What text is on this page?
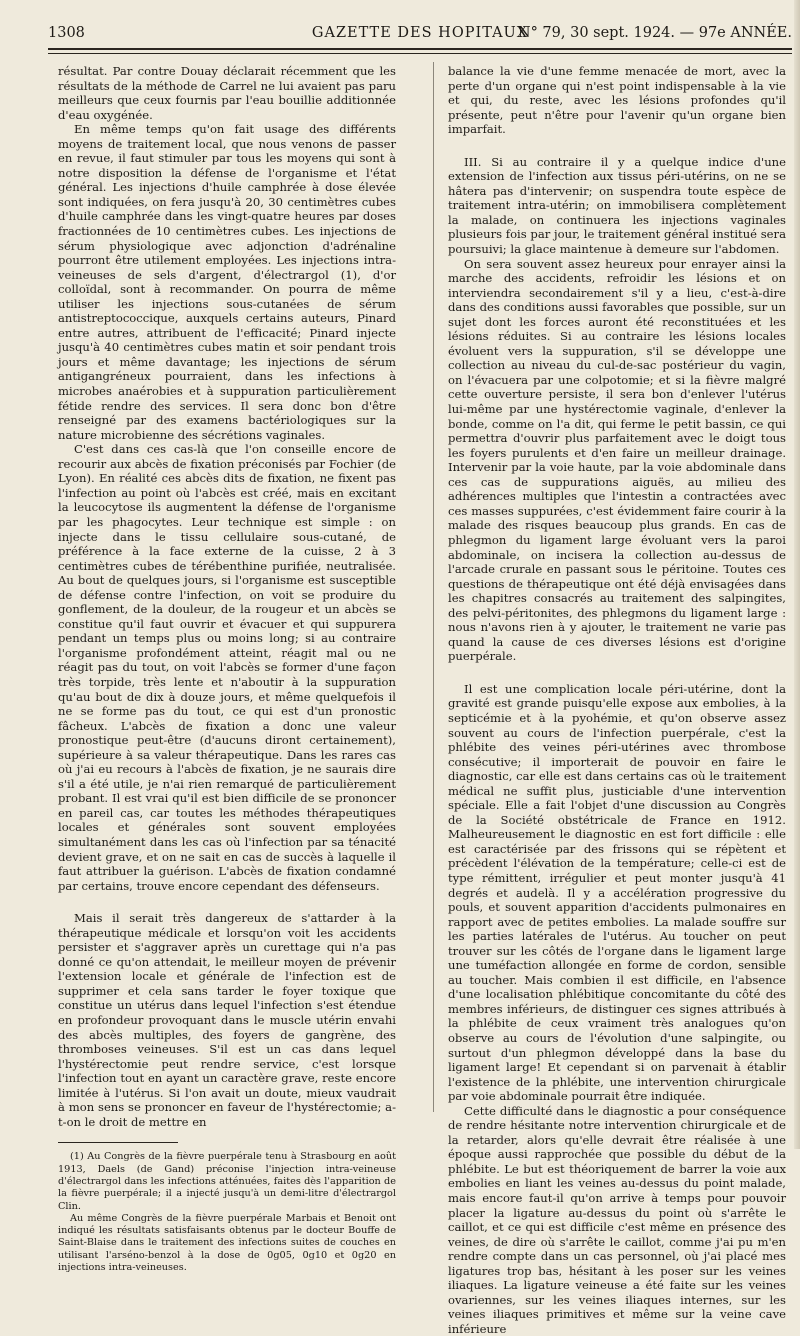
1308	GAZETTE DES HOPITAUX
N° 79, 30 sept. 1924. — 97e ANNÉE.

résultat. Par contre Douay déclarait récemment que les résultats de la méthode de Carrel ne lui avaient pas paru meilleurs que ceux fournis par l'eau bouillie additionnée d'eau oxygénée.

En même temps qu'on fait usage des différents moyens de traitement local, que nous venons de passer en revue, il faut stimuler par tous les moyens qui sont à notre disposition la défense de l'organisme et l'état général. Les injections d'huile camphrée à dose élevée sont indiquées, on fera jusqu'à 20, 30 centimètres cubes d'huile camphrée dans les vingt-quatre heures par doses fractionnées de 10 centimètres cubes. Les injections de sérum physiologique avec adjonction d'adrénaline pourront être utilement employées. Les injections intra-veineuses de sels d'argent, d'électrargol (1), d'or colloïdal, sont à recommander. On pourra de même utiliser les injections sous-cutanées de sérum antistreptococcique, auxquels certains auteurs, Pinard entre autres, attribuent de l'efficacité; Pinard injecte jusqu'à 40 centimètres cubes matin et soir pendant trois jours et même davantage; les injections de sérum antigangréneux pourraient, dans les infections à microbes anaérobies et à suppuration particulièrement fétide rendre des services. Il sera donc bon d'être renseigné par des examens bactériologiques sur la nature microbienne des sécrétions vaginales.

C'est dans ces cas-là que l'on conseille encore de recourir aux abcès de fixation préconisés par Fochier (de Lyon). En réalité ces abcès dits de fixation, ne fixent pas l'infection au point où l'abcès est créé, mais en excitant la leucocytose ils augmentent la défense de l'organisme par les phagocytes. Leur technique est simple : on injecte dans le tissu cellulaire sous-cutané, de préférence à la face externe de la cuisse, 2 à 3 centimètres cubes de térébenthine purifiée, neutralisée. Au bout de quelques jours, si l'organisme est susceptible de défense contre l'infection, on voit se produire du gonflement, de la douleur, de la rougeur et un abcès se constitue qu'il faut ouvrir et évacuer et qui suppurera pendant un temps plus ou moins long; si au contraire l'organisme profondément atteint, réagit mal ou ne réagit pas du tout, on voit l'abcès se former d'une façon très torpide, très lente et n'aboutir à la suppuration qu'au bout de dix à douze jours, et même quelquefois il ne se forme pas du tout, ce qui est d'un pronostic fâcheux. L'abcès de fixation a donc une valeur pronostique peut-être (d'aucuns diront certainement), supérieure à sa valeur thérapeutique. Dans les rares cas où j'ai eu recours à l'abcès de fixation, je ne saurais dire s'il a été utile, je n'ai rien remarqué de particulièrement probant. Il est vrai qu'il est bien difficile de se prononcer en pareil cas, car toutes les méthodes thérapeutiques locales et générales sont souvent employées simultanément dans les cas où l'infection par sa ténacité devient grave, et on ne sait en cas de succès à laquelle il faut attribuer la guérison. L'abcès de fixation condamné par certains, trouve encore cependant des défenseurs.

Mais il serait très dangereux de s'attarder à la thérapeutique médicale et lorsqu'on voit les accidents persister et s'aggraver après un curettage qui n'a pas donné ce qu'on attendait, le meilleur moyen de prévenir l'extension locale et générale de l'infection est de supprimer et cela sans tarder le foyer toxique que constitue un utérus dans lequel l'infection s'est étendue en profondeur provoquant dans le muscle utérin envahi des abcès multiples, des foyers de gangrène, des thromboses veineuses. S'il est un cas dans lequel l'hystérectomie peut rendre service, c'est lorsque l'infection tout en ayant un caractère grave, reste encore limitée à l'utérus. Si l'on avait un doute, mieux vaudrait à mon sens se prononcer en faveur de l'hystérectomie; a-t-on le droit de mettre en

(1) Au Congrès de la fièvre puerpérale tenu à Strasbourg en août 1913, Daels (de Gand) préconise l'injection intra-veineuse d'électrargol dans les infections atténuées, faites dès l'apparition de la fièvre puerpérale; il a injecté jusqu'à un demi-litre d'électrargol Clin.

Au même Congrès de la fièvre puerpérale Marbais et Benoit ont indiqué les résultats satisfaisants obtenus par le docteur Bouffe de Saint-Blaise dans le traitement des infections suites de couches en utilisant l'arséno-benzol à la dose de 0g05, 0g10 et 0g20 en injections intra-veineuses.

balance la vie d'une femme menacée de mort, avec la perte d'un organe qui n'est point indispensable à la vie et qui, du reste, avec les lésions profondes qu'il présente, peut n'être pour l'avenir qu'un organe bien imparfait.

III. Si au contraire il y a quelque indice d'une extension de l'infection aux tissus péri-utérins, on ne se hâtera pas d'intervenir; on suspendra toute espèce de traitement intra-utérin; on immobilisera complètement la malade, on continuera les injections vaginales plusieurs fois par jour, le traitement général institué sera poursuivi; la glace maintenue à demeure sur l'abdomen.

On sera souvent assez heureux pour enrayer ainsi la marche des accidents, refroidir les lésions et on interviendra secondairement s'il y a lieu, c'est-à-dire dans des conditions aussi favorables que possible, sur un sujet dont les forces auront été reconstituées et les lésions réduites. Si au contraire les lésions locales évoluent vers la suppuration, s'il se développe une collection au niveau du cul-de-sac postérieur du vagin, on l'évacuera par une colpotomie; et si la fièvre malgré cette ouverture persiste, il sera bon d'enlever l'utérus lui-même par une hystérectomie vaginale, d'enlever la bonde, comme on l'a dit, qui ferme le petit bassin, ce qui permettra d'ouvrir plus parfaitement avec le doigt tous les foyers purulents et d'en faire un meilleur drainage. Intervenir par la voie haute, par la voie abdominale dans ces cas de suppurations aiguës, au milieu des adhérences multiples que l'intestin a contractées avec ces masses suppurées, c'est évidemment faire courir à la malade des risques beaucoup plus grands. En cas de phlegmon du ligament large évoluant vers la paroi abdominale, on incisera la collection au-dessus de l'arcade crurale en passant sous le péritoine. Toutes ces questions de thérapeutique ont été déjà envisagées dans les chapitres consacrés au traitement des salpingites, des pelvi-péritonites, des phlegmons du ligament large : nous n'avons rien à y ajouter, le traitement ne varie pas quand la cause de ces diverses lésions est d'origine puerpérale.

Il est une complication locale péri-utérine, dont la gravité est grande puisqu'elle expose aux embolies, à la septicémie et à la pyohémie, et qu'on observe assez souvent au cours de l'infection puerpérale, c'est la phlébite des veines péri-utérines avec thrombose consécutive; il importerait de pouvoir en faire le diagnostic, car elle est dans certains cas où le traitement médical ne suffit plus, justiciable d'une intervention spéciale. Elle a fait l'objet d'une discussion au Congrès de la Société obstétricale de France en 1912. Malheureusement le diagnostic en est fort difficile : elle est caractérisée par des frissons qui se répètent et précèdent l'élévation de la température; celle-ci est de type rémittent, irrégulier et peut monter jusqu'à 41 degrés et audelà. Il y a accélération progressive du pouls, et souvent apparition d'accidents pulmonaires en rapport avec de petites embolies. La malade souffre sur les parties latérales de l'utérus. Au toucher on peut trouver sur les côtés de l'organe dans le ligament large une tuméfaction allongée en forme de cordon, sensible au toucher. Mais combien il est difficile, en l'absence d'une localisation phlébitique concomitante du côté des membres inférieurs, de distinguer ces signes attribués à la phlébite de ceux vraiment très analogues qu'on observe au cours de l'évolution d'une salpingite, ou surtout d'un phlegmon développé dans la base du ligament large! Et cependant si on parvenait à établir l'existence de la phlébite, une intervention chirurgicale par voie abdominale pourrait être indiquée.

Cette difficulté dans le diagnostic a pour conséquence de rendre hésitante notre intervention chirurgicale et de la retarder, alors qu'elle devrait être réalisée à une époque aussi rapprochée que possible du début de la phlébite. Le but est théoriquement de barrer la voie aux embolies en liant les veines au-dessus du point malade, mais encore faut-il qu'on arrive à temps pour pouvoir placer la ligature au-dessus du point où s'arrête le caillot, et ce qui est difficile c'est même en présence des veines, de dire où s'arrête le caillot, comme j'ai pu m'en rendre compte dans un cas personnel, où j'ai placé mes ligatures trop bas, hésitant à les poser sur les veines iliaques. La ligature veineuse a été faite sur les veines ovariennes, sur les veines iliaques internes, sur les veines iliaques primitives et même sur la veine cave inférieure
